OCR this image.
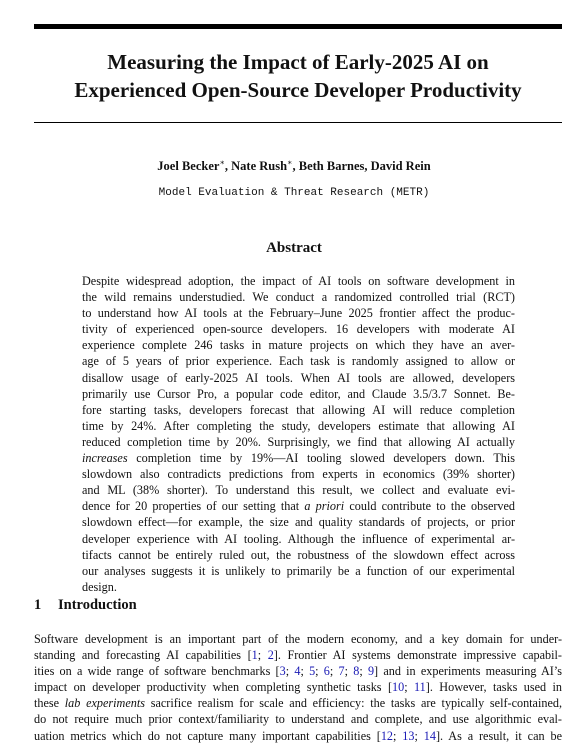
Measuring the Impact of Early-2025 AI on
Experienced Open-Source Developer Productivity
Joel Becker∗, Nate Rush∗, Beth Barnes, David Rein
Model Evaluation & Threat Research (METR)
Abstract
Despite widespread adoption, the impact of AI tools on software development in
the wild remains understudied. We conduct a randomized controlled trial (RCT)
to understand how AI tools at the February–June 2025 frontier affect the produc-
tivity of experienced open-source developers. 16 developers with moderate AI
experience complete 246 tasks in mature projects on which they have an aver-
age of 5 years of prior experience. Each task is randomly assigned to allow or
disallow usage of early-2025 AI tools. When AI tools are allowed, developers
primarily use Cursor Pro, a popular code editor, and Claude 3.5/3.7 Sonnet. Be-
fore starting tasks, developers forecast that allowing AI will reduce completion
time by 24%. After completing the study, developers estimate that allowing AI
reduced completion time by 20%. Surprisingly, we find that allowing AI actually
increases completion time by 19%—AI tooling slowed developers down. This
slowdown also contradicts predictions from experts in economics (39% shorter)
and ML (38% shorter). To understand this result, we collect and evaluate evi-
dence for 20 properties of our setting that a priori could contribute to the observed
slowdown effect—for example, the size and quality standards of projects, or prior
developer experience with AI tooling. Although the influence of experimental ar-
tifacts cannot be entirely ruled out, the robustness of the slowdown effect across
our analyses suggests it is unlikely to primarily be a function of our experimental
design.
1 Introduction
Software development is an important part of the modern economy, and a key domain for under-
standing and forecasting AI capabilities [1; 2]. Frontier AI systems demonstrate impressive capabil-
ities on a wide range of software benchmarks [3; 4; 5; 6; 7; 8; 9] and in experiments measuring AI’s
impact on developer productivity when completing synthetic tasks [10; 11]. However, tasks used in
these lab experiments sacrifice realism for scale and efficiency: the tasks are typically self-contained,
do not require much prior context/familiarity to understand and complete, and use algorithmic eval-
uation metrics which do not capture many important capabilities [12; 13; 14]. As a result, it can be
